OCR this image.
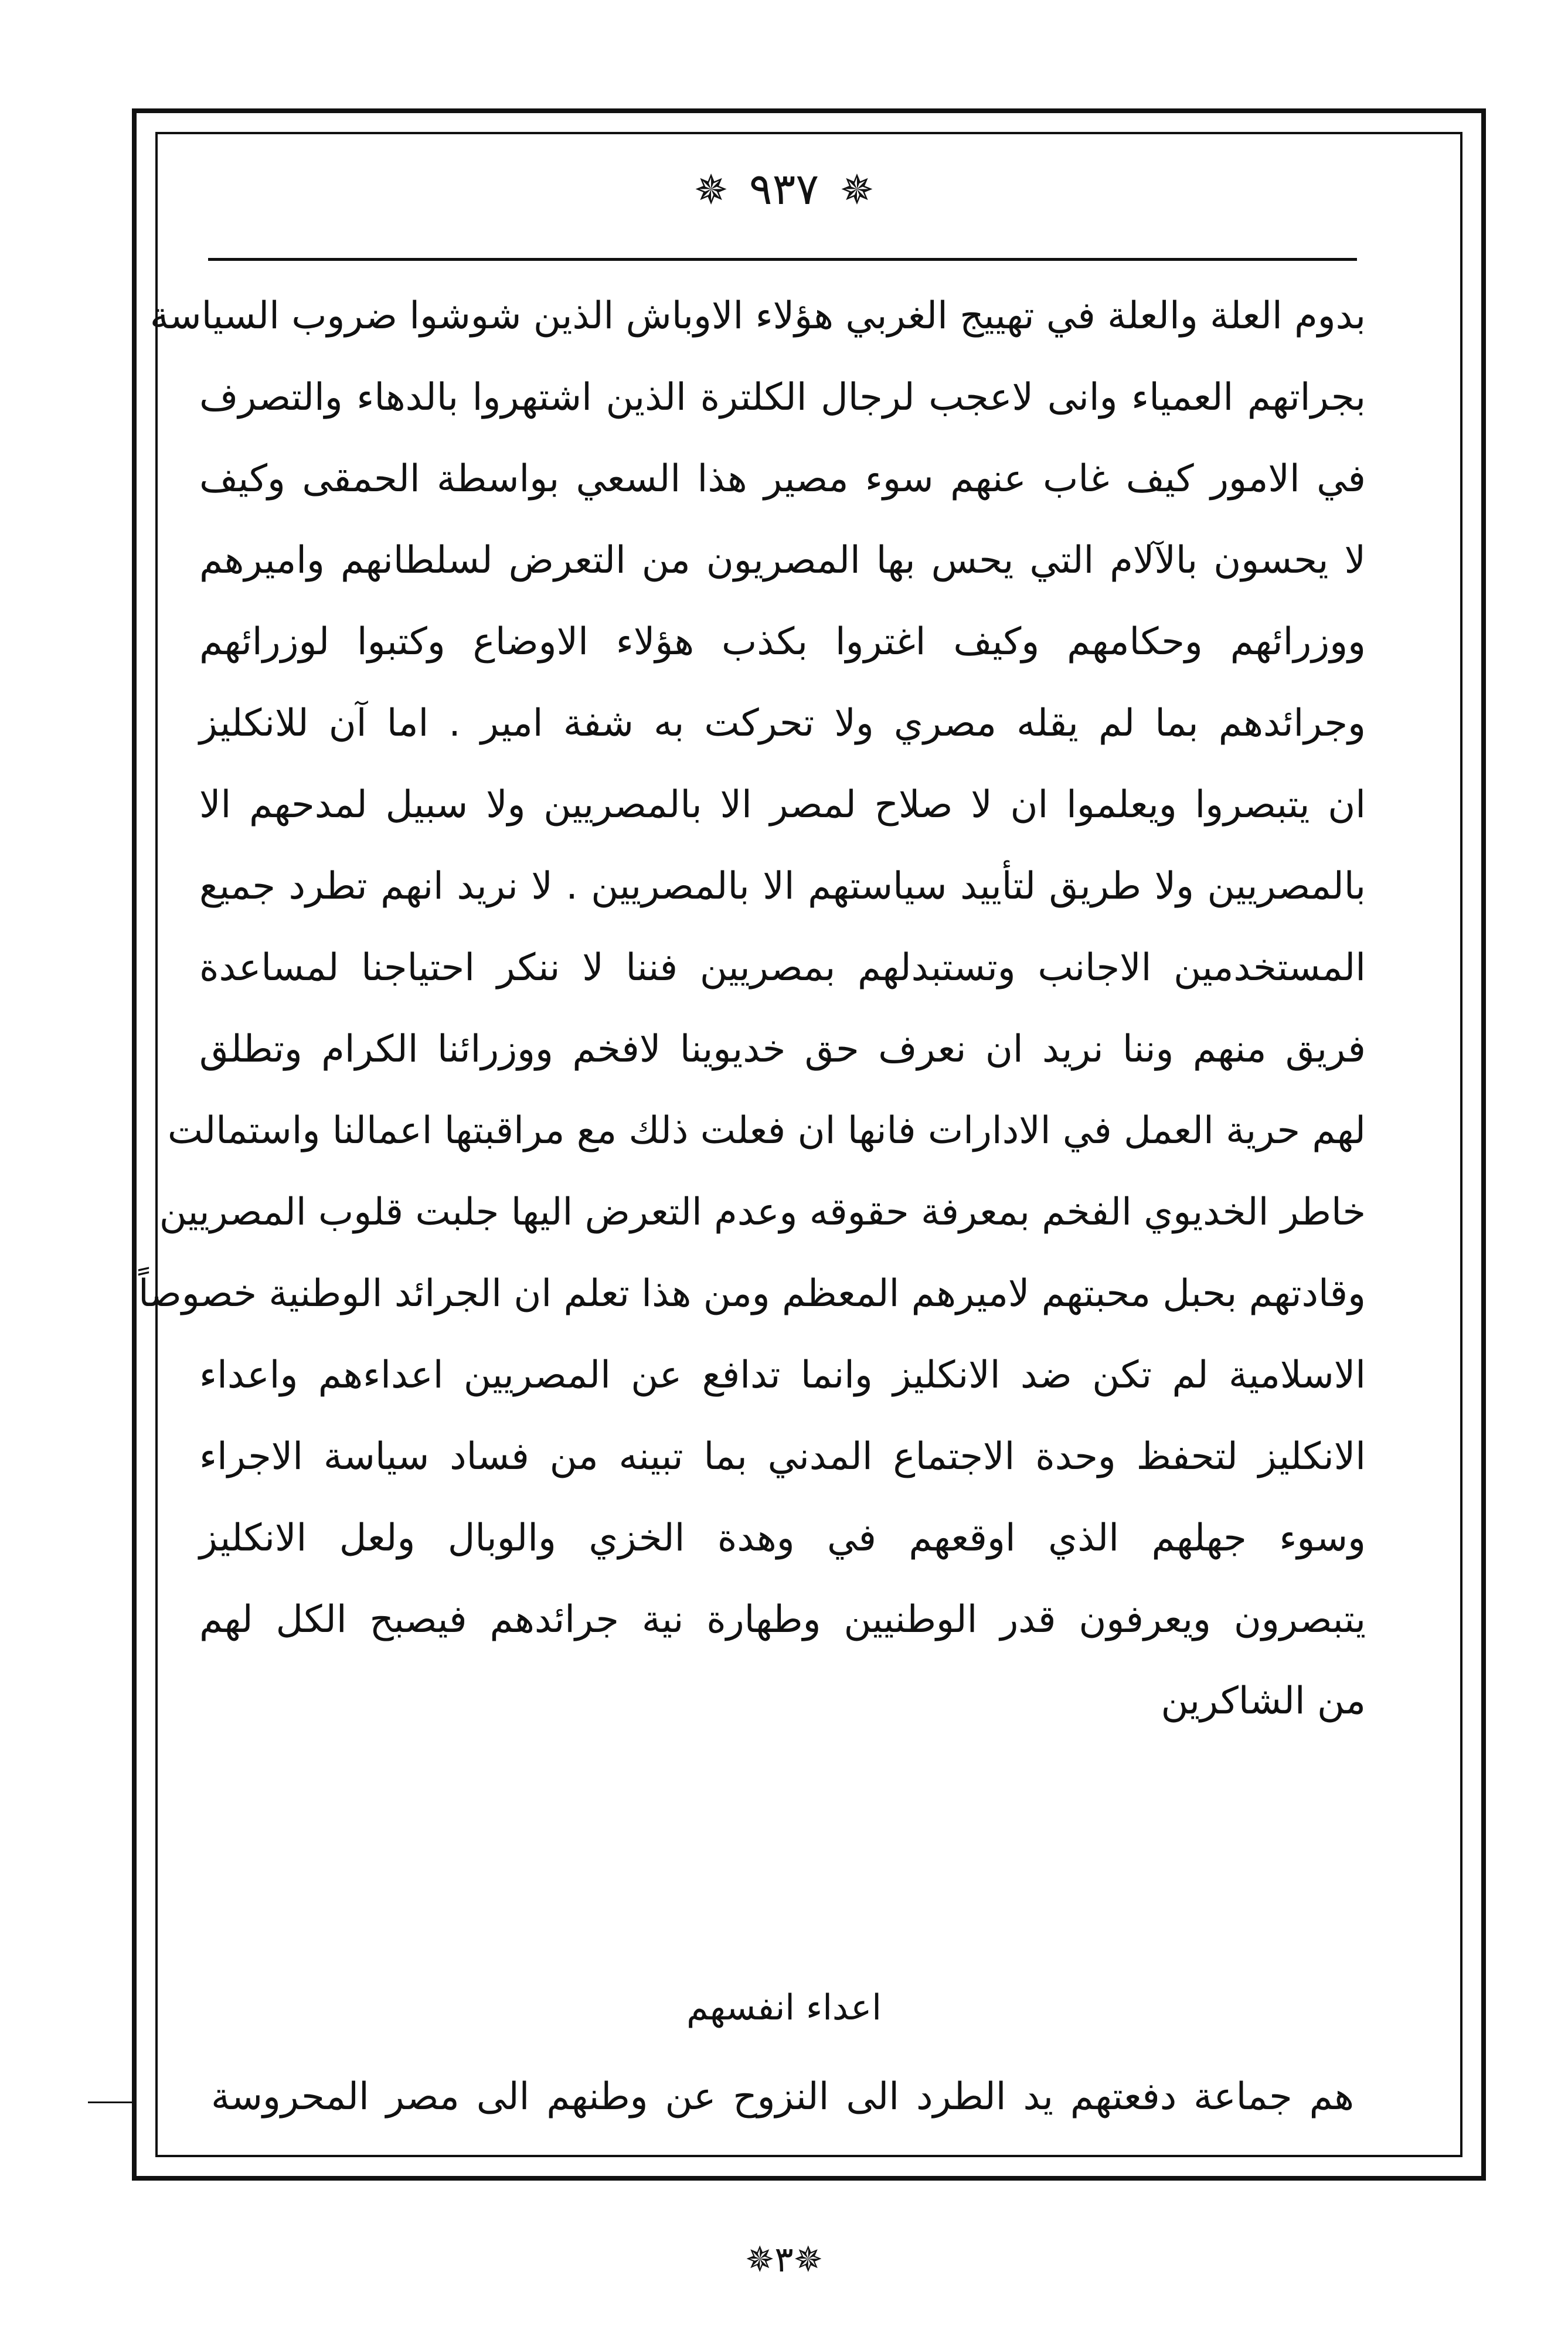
✵ ٩٣٧ ✵
بدوم العلة والعلة في تهييج الغربي هؤلاء الاوباش الذين شوشوا ضروب السياسة
بجراتهم العمياء وانى لاعجب لرجال الكلترة الذين اشتهروا بالدهاء والتصرف
في الامور كيف غاب عنهم سوء مصير هذا السعي بواسطة الحمقى وكيف
لا يحسون بالآلام التي يحس بها المصريون من التعرض لسلطانهم واميرهم
ووزرائهم وحكامهم وكيف اغتروا بكذب هؤلاء الاوضاع وكتبوا لوزرائهم
وجرائدهم بما لم يقله مصري ولا تحركت به شفة امير . اما آن للانكليز
ان يتبصروا ويعلموا ان لا صلاح لمصر الا بالمصريين ولا سبيل لمدحهم الا
بالمصريين ولا طريق لتأييد سياستهم الا بالمصريين . لا نريد انهم تطرد جميع
المستخدمين الاجانب وتستبدلهم بمصريين فننا لا ننكر احتياجنا لمساعدة
فريق منهم وننا نريد ان نعرف حق خديوينا لافخم ووزرائنا الكرام وتطلق
لهم حرية العمل في الادارات فانها ان فعلت ذلك مع مراقبتها اعمالنا واستمالت
خاطر الخديوي الفخم بمعرفة حقوقه وعدم التعرض اليها جلبت قلوب المصريين
وقادتهم بحبل محبتهم لاميرهم المعظم ومن هذا تعلم ان الجرائد الوطنية خصوصاً
الاسلامية لم تكن ضد الانكليز وانما تدافع عن المصريين اعداءهم واعداء
الانكليز لتحفظ وحدة الاجتماع المدني بما تبينه من فساد سياسة الاجراء
وسوء جهلهم الذي اوقعهم في وهدة الخزي والوبال ولعل الانكليز
يتبصرون ويعرفون قدر الوطنيين وطهارة نية جرائدهم فيصبح الكل لهم
من الشاكرين
اعداء انفسهم
هم جماعة دفعتهم يد الطرد الى النزوح عن وطنهم الى مصر المحروسة
✵٣✵
